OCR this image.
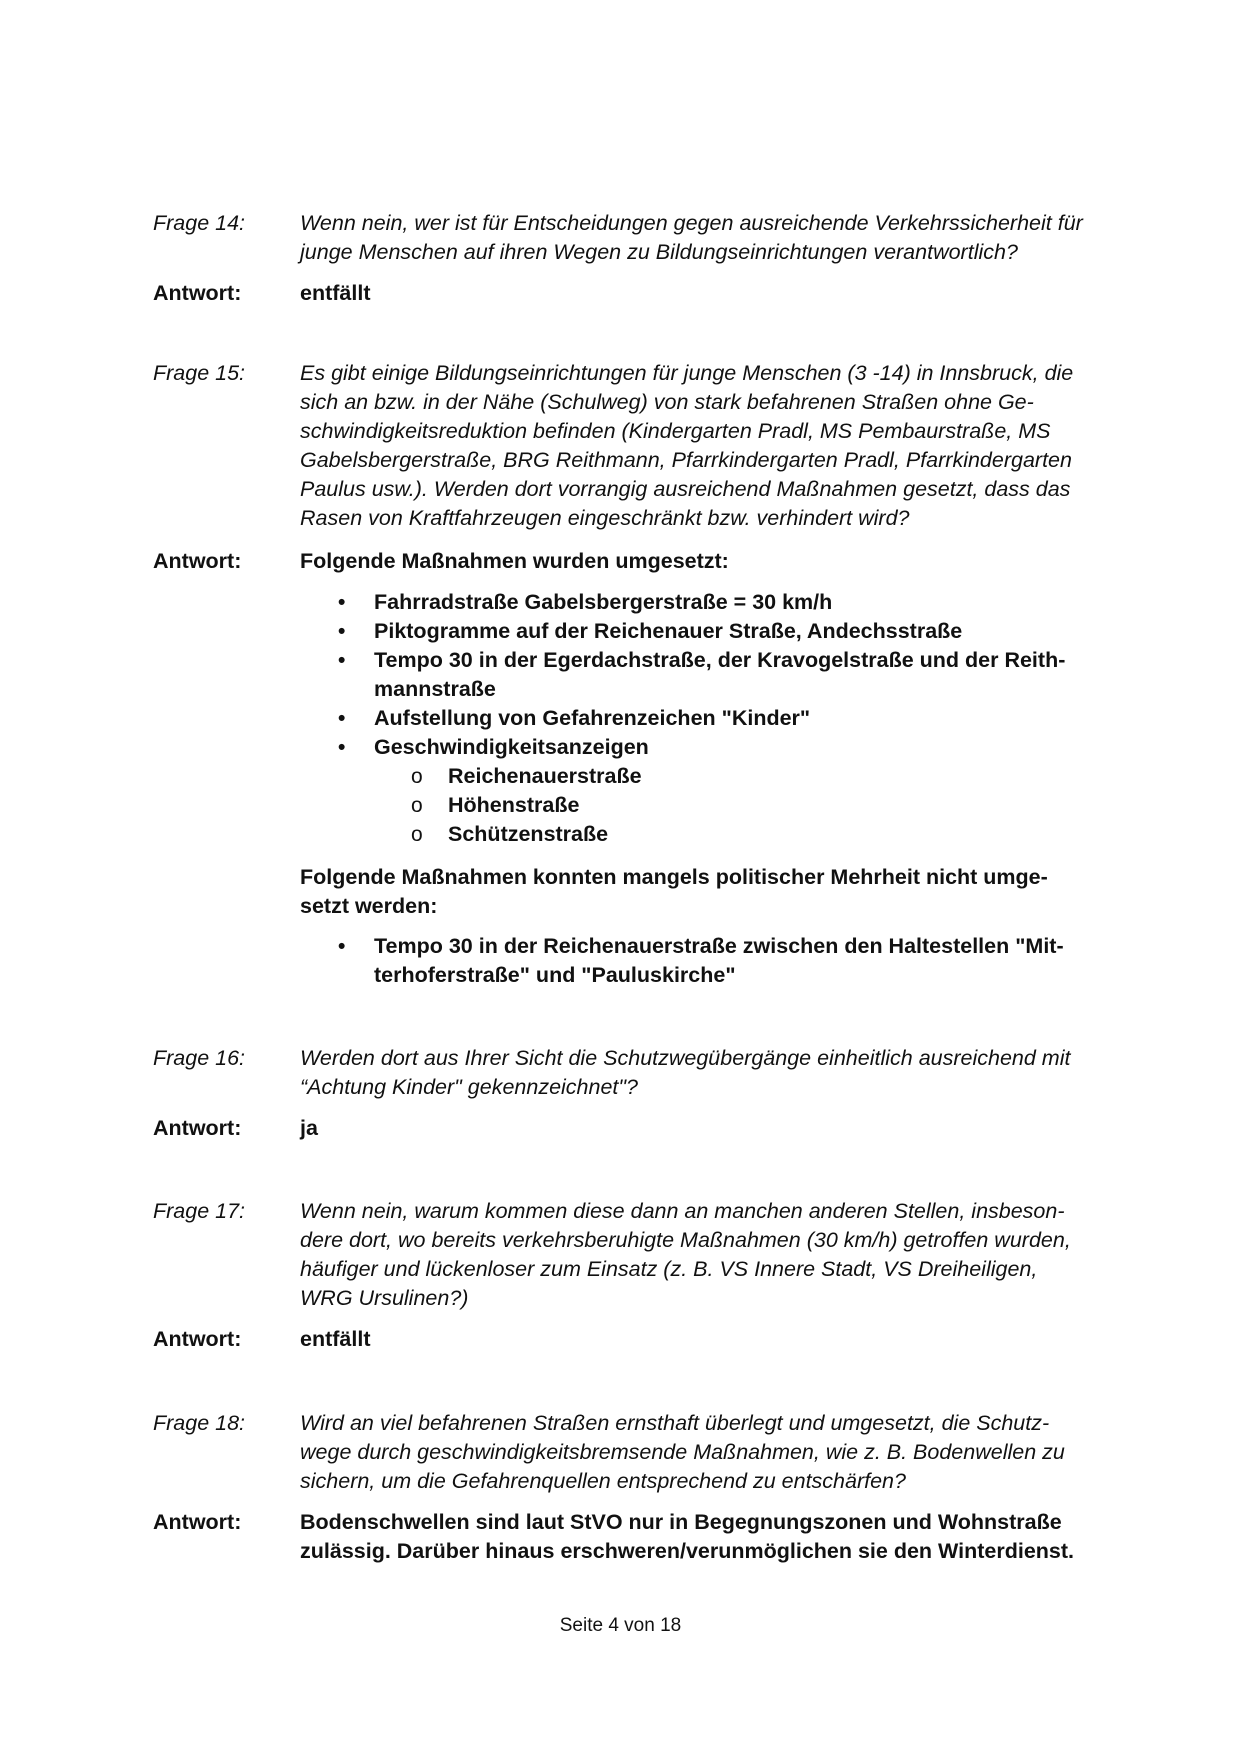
Frage 14:	Wenn nein, wer ist für Entscheidungen gegen ausreichende Verkehrssicherheit für
junge Menschen auf ihren Wegen zu Bildungseinrichtungen verantwortlich?
Antwort:	entfällt
Frage 15:	Es gibt einige Bildungseinrichtungen für junge Menschen (3 -14) in Innsbruck, die
sich an bzw. in der Nähe (Schulweg) von stark befahrenen Straßen ohne Ge-
schwindigkeitsreduktion befinden (Kindergarten Pradl, MS Pembaurstraße, MS
Gabelsbergerstraße, BRG Reithmann, Pfarrkindergarten Pradl, Pfarrkindergarten
Paulus usw.). Werden dort vorrangig ausreichend Maßnahmen gesetzt, dass das
Rasen von Kraftfahrzeugen eingeschränkt bzw. verhindert wird?
Antwort:	Folgende Maßnahmen wurden umgesetzt:
• Fahrradstraße Gabelsbergerstraße = 30 km/h
• Piktogramme auf der Reichenauer Straße, Andechsstraße
• Tempo 30 in der Egerdachstraße, der Kravogelstraße und der Reith-
mannstraße
• Aufstellung von Gefahrenzeichen "Kinder"
• Geschwindigkeitsanzeigen
o Reichenauerstraße
o Höhenstraße
o Schützenstraße
Folgende Maßnahmen konnten mangels politischer Mehrheit nicht umge-
setzt werden:
• Tempo 30 in der Reichenauerstraße zwischen den Haltestellen "Mit-
terhoferstraße" und "Pauluskirche"
Frage 16:	Werden dort aus Ihrer Sicht die Schutzwegübergänge einheitlich ausreichend mit
“Achtung Kinder" gekennzeichnet"?
Antwort:	ja
Frage 17:	Wenn nein, warum kommen diese dann an manchen anderen Stellen, insbeson-
dere dort, wo bereits verkehrsberuhigte Maßnahmen (30 km/h) getroffen wurden,
häufiger und lückenloser zum Einsatz (z. B. VS Innere Stadt, VS Dreiheiligen,
WRG Ursulinen?)
Antwort:	entfällt
Frage 18:	Wird an viel befahrenen Straßen ernsthaft überlegt und umgesetzt, die Schutz-
wege durch geschwindigkeitsbremsende Maßnahmen, wie z. B. Bodenwellen zu
sichern, um die Gefahrenquellen entsprechend zu entschärfen?
Antwort:	Bodenschwellen sind laut StVO nur in Begegnungszonen und Wohnstraße
zulässig. Darüber hinaus erschweren/verunmöglichen sie den Winterdienst.
Seite 4 von 18
